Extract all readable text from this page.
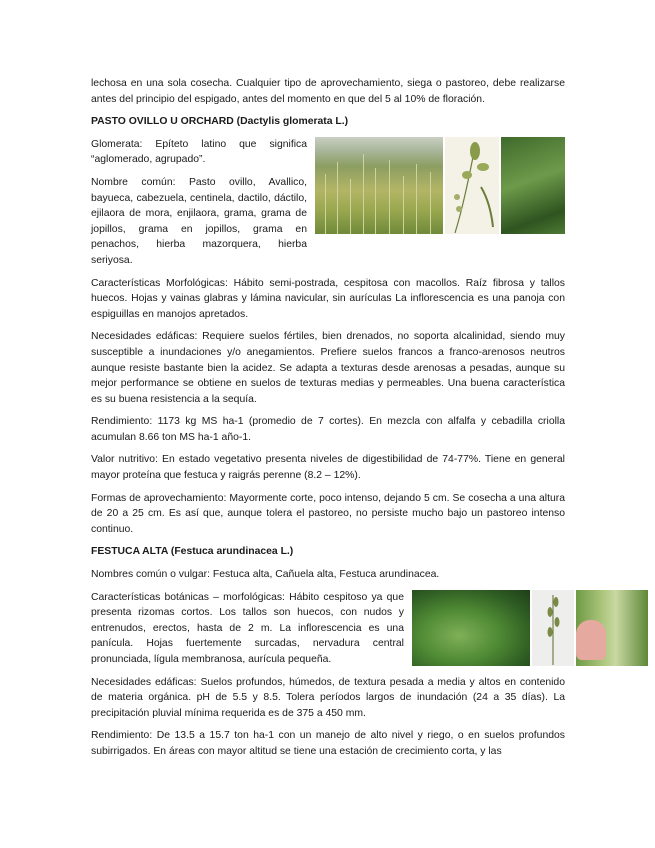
lechosa en una sola cosecha. Cualquier tipo de aprovechamiento, siega o pastoreo, debe realizarse antes del principio del espigado, antes del momento en que del 5 al 10% de floración.

PASTO OVILLO U ORCHARD (Dactylis glomerata L.)

Glomerata: Epíteto latino que significa “aglomerado, agrupado”.

Nombre común: Pasto ovillo, Avallico, bayueca, cabezuela, centinela, dactilo, dáctilo, ejilaora de mora, enjilaora, grama, grama de jopillos, grama en jopillos, grama en penachos, hierba mazorquera, hierba seriyosa.

Características Morfológicas: Hábito semi-postrada, cespitosa con macollos. Raíz fibrosa y tallos huecos. Hojas y vainas glabras y lámina navicular, sin aurículas La inflorescencia es una panoja con espiguillas en manojos apretados.

Necesidades edáficas: Requiere suelos fértiles, bien drenados, no soporta alcalinidad, siendo muy susceptible a inundaciones y/o anegamientos. Prefiere suelos francos a franco-arenosos neutros aunque resiste bastante bien la acidez. Se adapta a texturas desde arenosas a pesadas, aunque su mejor performance se obtiene en suelos de texturas medias y permeables. Una buena característica es su buena resistencia a la sequía.

Rendimiento: 1173 kg MS ha-1 (promedio de 7 cortes). En mezcla con alfalfa y cebadilla criolla acumulan 8.66 ton MS ha-1 año-1.

Valor nutritivo: En estado vegetativo presenta niveles de digestibilidad de 74-77%. Tiene en general mayor proteína que festuca y raigrás perenne (8.2 – 12%).

Formas de aprovechamiento: Mayormente corte, poco intenso, dejando 5 cm. Se cosecha a una altura de 20 a 25 cm. Es así que, aunque tolera el pastoreo, no persiste mucho bajo un pastoreo intenso continuo.

FESTUCA ALTA (Festuca arundinacea L.)

Nombres común o vulgar: Festuca alta, Cañuela alta, Festuca arundinacea.

Características botánicas – morfológicas: Hábito cespitoso ya que presenta rizomas cortos. Los tallos son huecos, con nudos y entrenudos, erectos, hasta de 2 m. La inflorescencia es una panícula. Hojas fuertemente surcadas, nervadura central pronunciada, lígula membranosa, aurícula pequeña.

Necesidades edáficas: Suelos profundos, húmedos, de textura pesada a media y altos en contenido de materia orgánica. pH de 5.5 y 8.5. Tolera períodos largos de inundación (24 a 35 días). La precipitación pluvial mínima requerida es de 375 a 450 mm.

Rendimiento: De 13.5 a 15.7 ton ha-1 con un manejo de alto nivel y riego, o en suelos profundos subirrigados. En áreas con mayor altitud se tiene una estación de crecimiento corta, y las
